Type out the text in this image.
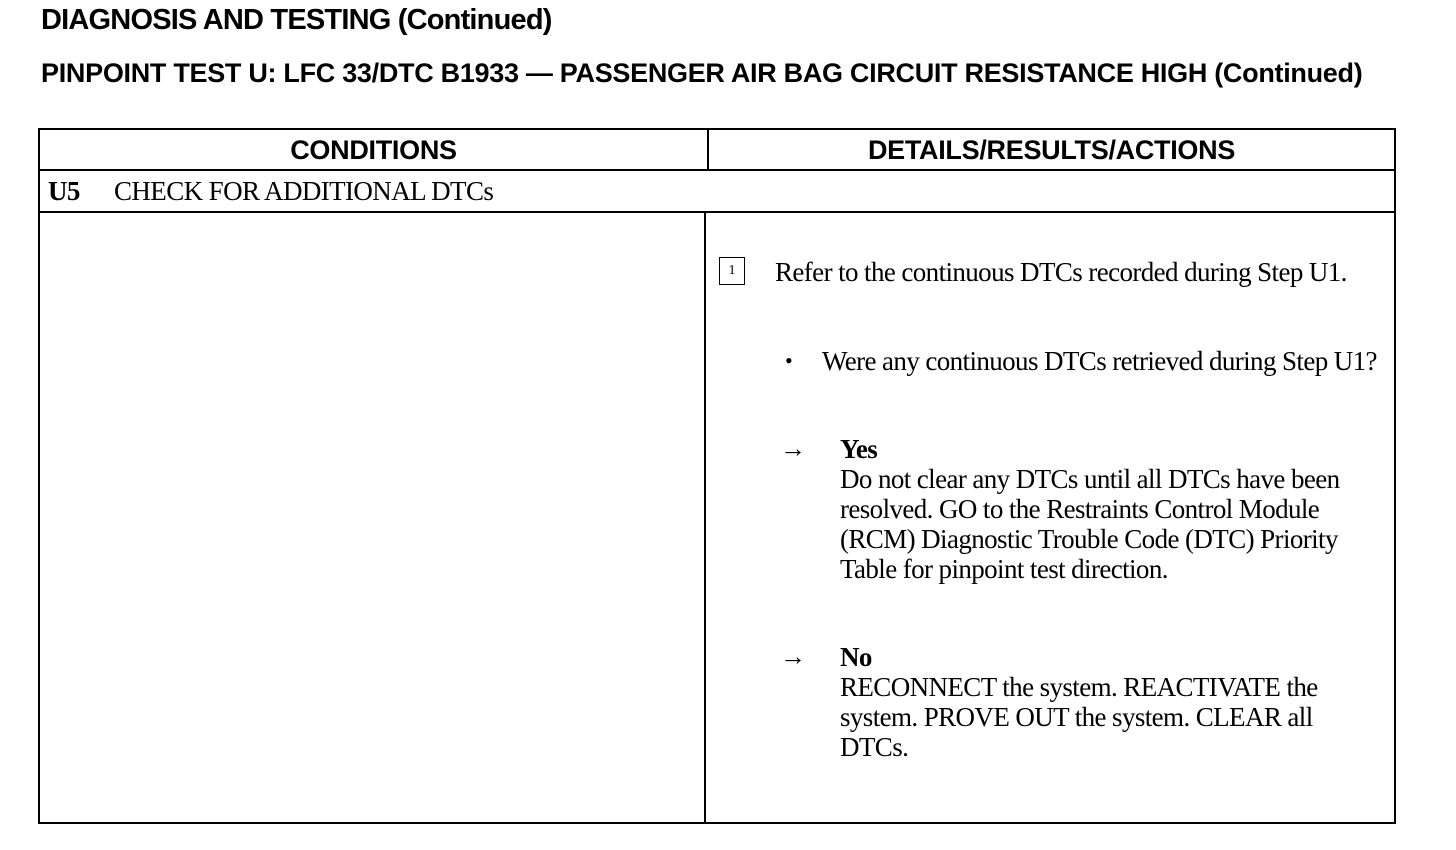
DIAGNOSIS AND TESTING (Continued)
PINPOINT TEST U: LFC 33/DTC B1933 — PASSENGER AIR BAG CIRCUIT RESISTANCE HIGH (Continued)
CONDITIONS	DETAILS/RESULTS/ACTIONS
U5 CHECK FOR ADDITIONAL DTCs
1	Refer to the continuous DTCs recorded during Step U1.
• Were any continuous DTCs retrieved during Step U1?
→ Yes
Do not clear any DTCs until all DTCs have been resolved. GO to the Restraints Control Module (RCM) Diagnostic Trouble Code (DTC) Priority Table for pinpoint test direction.
→ No
RECONNECT the system. REACTIVATE the system. PROVE OUT the system. CLEAR all DTCs.
